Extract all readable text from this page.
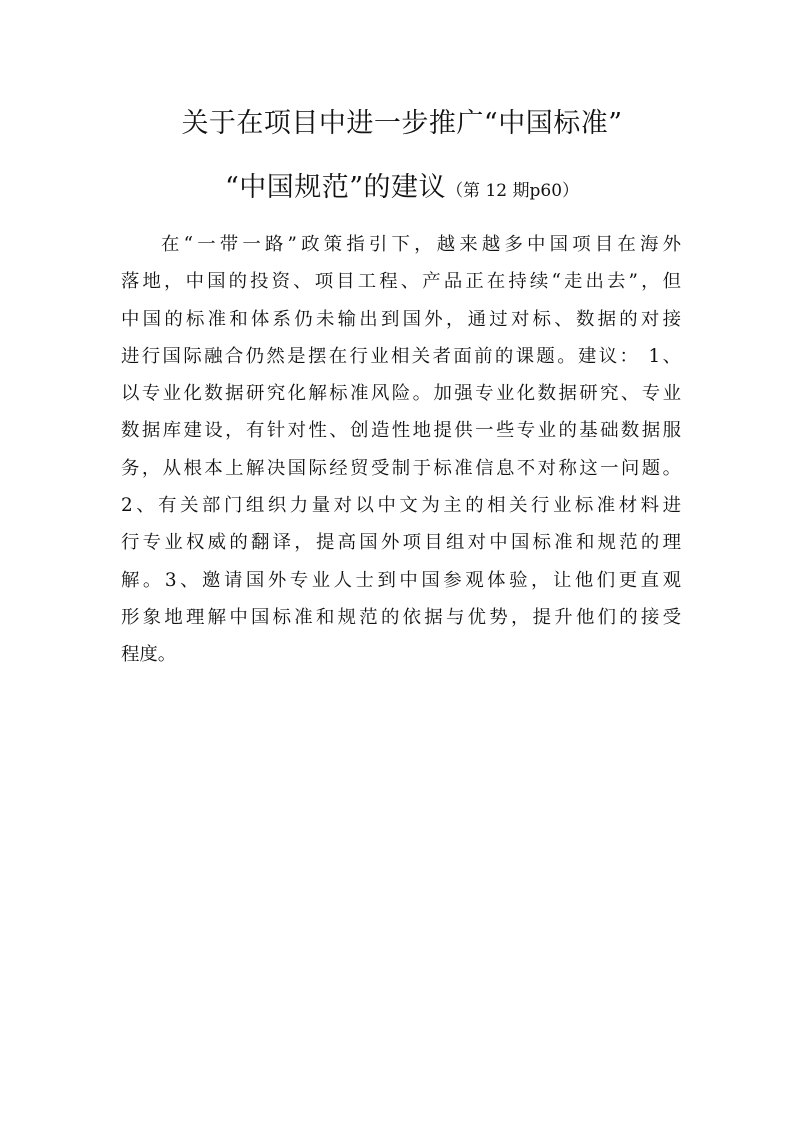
关于在项目中进一步推广“中国标准”
“中国规范”的建议（第 12 期p60）
在“一带一路”政策指引下，越来越多中国项目在海外
落地，中国的投资、项目工程、产品正在持续“走出去”，但
中国的标准和体系仍未输出到国外，通过对标、数据的对接
进行国际融合仍然是摆在行业相关者面前的课题。建议： 1、
以专业化数据研究化解标准风险。加强专业化数据研究、专业
数据库建设，有针对性、创造性地提供一些专业的基础数据服
务，从根本上解决国际经贸受制于标准信息不对称这一问题。
2、有关部门组织力量对以中文为主的相关行业标准材料进
行专业权威的翻译，提高国外项目组对中国标准和规范的理
解。3、邀请国外专业人士到中国参观体验，让他们更直观
形象地理解中国标准和规范的依据与优势，提升他们的接受
程度。
